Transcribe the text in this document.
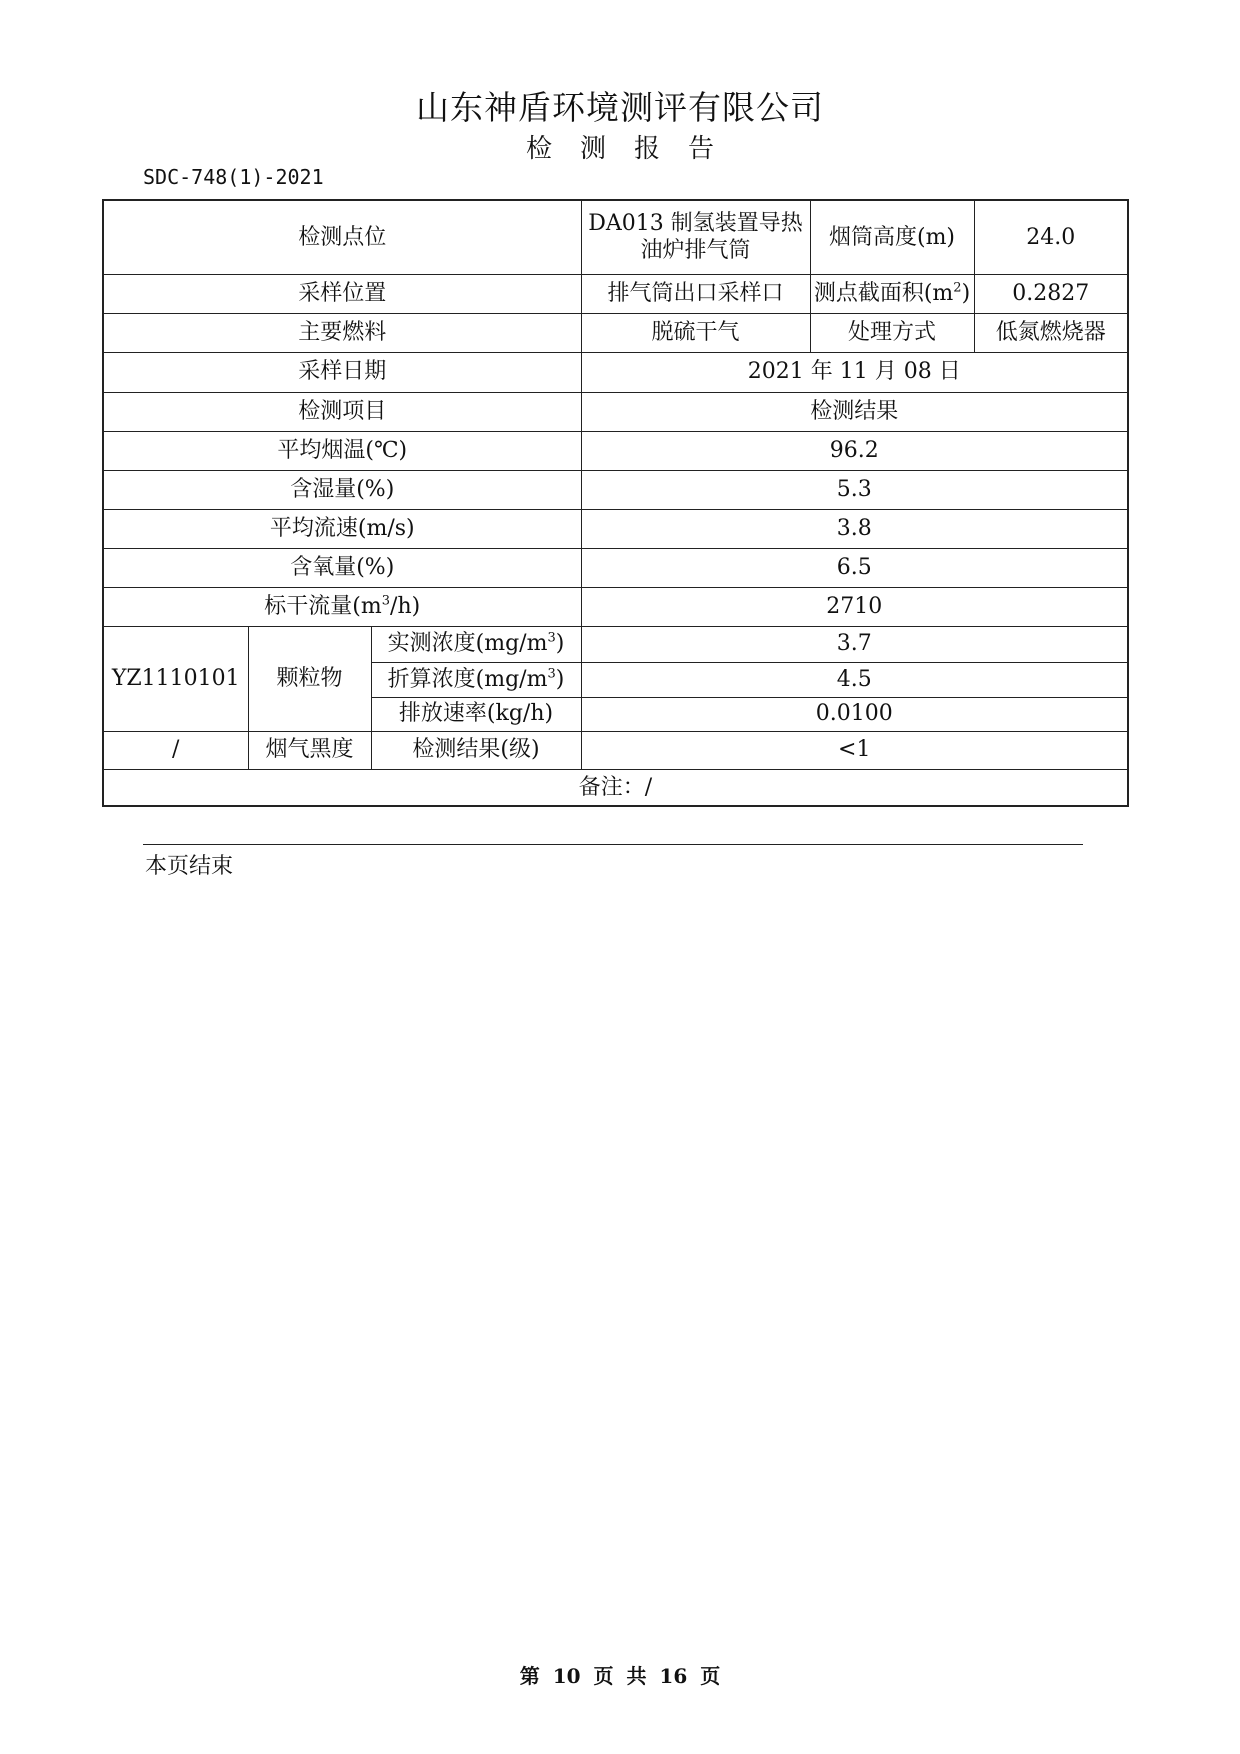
山东神盾环境测评有限公司
检测报告
SDC-748(1)-2021
检测点位			DA013 制氢装置导热油炉排气筒	烟筒高度(m)	24.0
采样位置			排气筒出口采样口	测点截面积$(m^2)$	0.2827
主要燃料			脱硫干气	处理方式	低氮燃烧器
采样日期			2021 年 11 月 08 日		
检测项目			检测结果		
平均烟温(℃)			96.2		
含湿量(%)			5.3		
平均流速(m/s)			3.8		
含氧量(%)			6.5		
标干流量$(m^3/h)$			2710		
YZ1110101	颗粒物	实测浓度$(mg/m^3)$	3.7		
		折算浓度$(mg/m^3)$	4.5		
		排放速率(kg/h)	0.0100		
/	烟气黑度	检测结果(级)	<1		
备注：/					
本页结束
第 10 页 共 16 页
